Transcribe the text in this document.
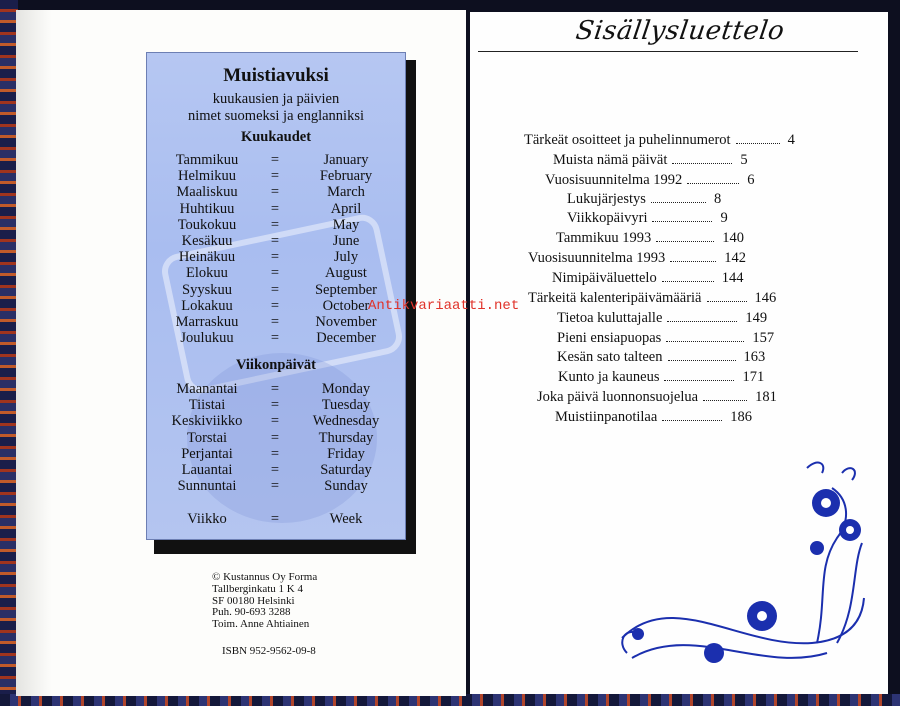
Muistiavuksi
kuukausien ja päivien
nimet suomeksi ja englanniksi
Kuukaudet
Tammikuu	=	January
Helmikuu	=	February
Maaliskuu	=	March
Huhtikuu	=	April
Toukokuu	=	May
Kesäkuu	=	June
Heinäkuu	=	July
Elokuu	=	August
Syyskuu	=	September
Lokakuu	=	October
Marraskuu	=	November
Joulukuu	=	December
Viikonpäivät
Maanantai	=	Monday
Tiistai	=	Tuesday
Keskiviikko	=	Wednesday
Torstai	=	Thursday
Perjantai	=	Friday
Lauantai	=	Saturday
Sunnuntai	=	Sunday
Viikko	=	Week
© Kustannus Oy Forma
Tallberginkatu 1 K 4
SF 00180 Helsinki
Puh. 90-693 3288
Toim. Anne Ahtiainen
ISBN 952-9562-09-8
Sisällysluettelo
Tärkeät osoitteet ja puhelinnumerot	4
Muista nämä päivät	5
Vuosisuunnitelma 1992	6
Lukujärjestys	8
Viikkopäivyri	9
Tammikuu 1993	140
Vuosisuunnitelma 1993	142
Nimipäiväluettelo	144
Tärkeitä kalenteripäivämääriä	146
Tietoa kuluttajalle	149
Pieni ensiapuopas	157
Kesän sato talteen	163
Kunto ja kauneus	171
Joka päivä luonnonsuojelua	181
Muistiinpanotilaa	186
Antikvariaatti.net
